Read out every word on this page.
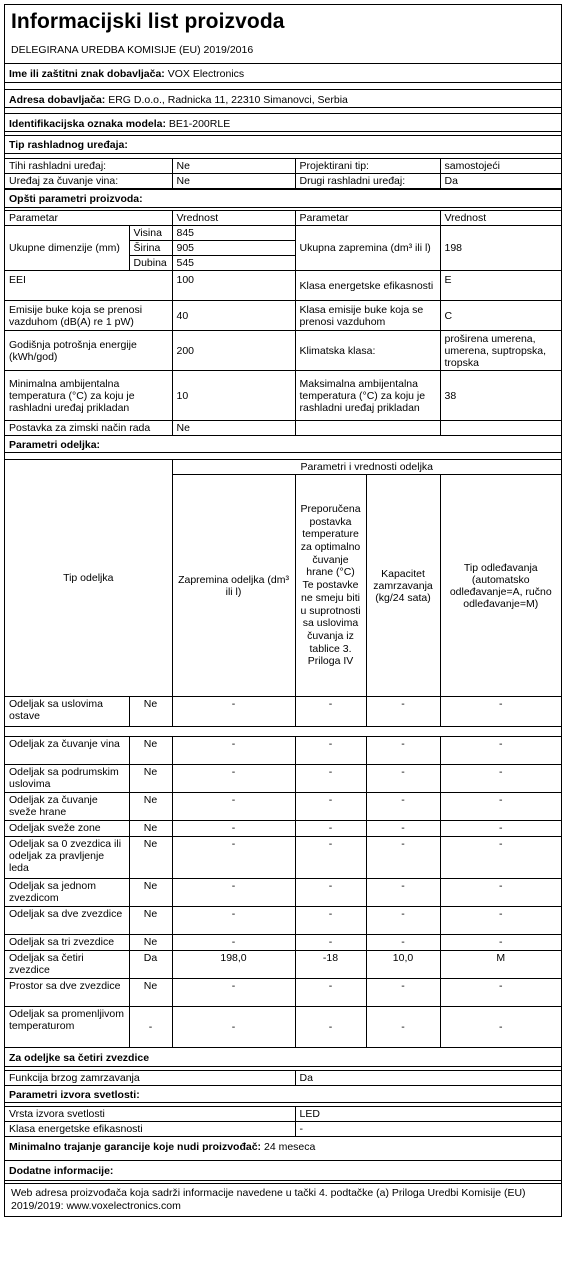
Informacijski list proizvoda
DELEGIRANA UREDBA KOMISIJE (EU) 2019/2016
Ime ili zaštitni znak dobavljača: VOX Electronics
Adresa dobavljača: ERG D.o.o., Radnicka 11, 22310 Simanovci, Serbia
Identifikacijska oznaka modela: BE1-200RLE
Tip rashladnog uređaja:
Tihi rashladni uređaj:	Ne	Projektirani tip:	samostojeći
Uređaj za čuvanje vina:	Ne	Drugi rashladni uređaj:	Da
Opšti parametri proizvoda:
Parametar		Vrednost	Parametar	Vrednost
Ukupne dimenzije (mm)	Visina	845	Ukupna zapremina (dm³ ili l)	198
	Širina	905		
	Dubina	545		
EEI		100	Klasa energetske efikasnosti	E
Emisije buke koja se prenosi vazduhom (dB(A) re 1 pW)		40	Klasa emisije buke koja se prenosi vazduhom	C
Godišnja potrošnja energije (kWh/god)		200	Klimatska klasa:	proširena umerena, umerena, suptropska, tropska
Minimalna ambijentalna temperatura (°C) za koju je rashladni uređaj prikladan		10	Maksimalna ambijentalna temperatura (°C) za koju je rashladni uređaj prikladan	38
Postavka za zimski način rada		Ne		
Parametri odeljka:
Tip odeljka		Parametri i vrednosti odeljka			
		Zapremina odeljka (dm³ ili l)	Preporučena postavka temperature za optimalno čuvanje hrane (°C) Te postavke ne smeju biti u suprotnosti sa uslovima čuvanja iz tablice 3. Priloga IV	Kapacitet zamrzavanja (kg/24 sata)	Tip odleđavanja (automatsko odleđavanje=A, ručno odleđavanje=M)
Odeljak sa uslovima ostave	Ne	-	-	-	-

Odeljak za čuvanje vina	Ne	-	-	-	-
Odeljak sa podrumskim uslovima	Ne	-	-	-	-
Odeljak za čuvanje sveže hrane	Ne	-	-	-	-
Odeljak sveže zone	Ne	-	-	-	-
Odeljak sa 0 zvezdica ili odeljak za pravljenje leda	Ne	-	-	-	-
Odeljak sa jednom zvezdicom	Ne	-	-	-	-
Odeljak sa dve zvezdice	Ne	-	-	-	-
Odeljak sa tri zvezdice	Ne	-	-	-	-
Odeljak sa četiri zvezdice	Da	198,0	-18	10,0	M
Prostor sa dve zvezdice	Ne	-	-	-	-
Odeljak sa promenljivom temperaturom	-	-	-	-	-
Za odeljke sa četiri zvezdice
Funkcija brzog zamrzavanja	Da
Parametri izvora svetlosti:
Vrsta izvora svetlosti	LED
Klasa energetske efikasnosti	-
Minimalno trajanje garancije koje nudi proizvođač: 24 meseca
Dodatne informacije:
Web adresa proizvođača koja sadrži informacije navedene u tački 4. podtačke (a) Priloga Uredbi Komisije (EU) 2019/2019: www.voxelectronics.com
